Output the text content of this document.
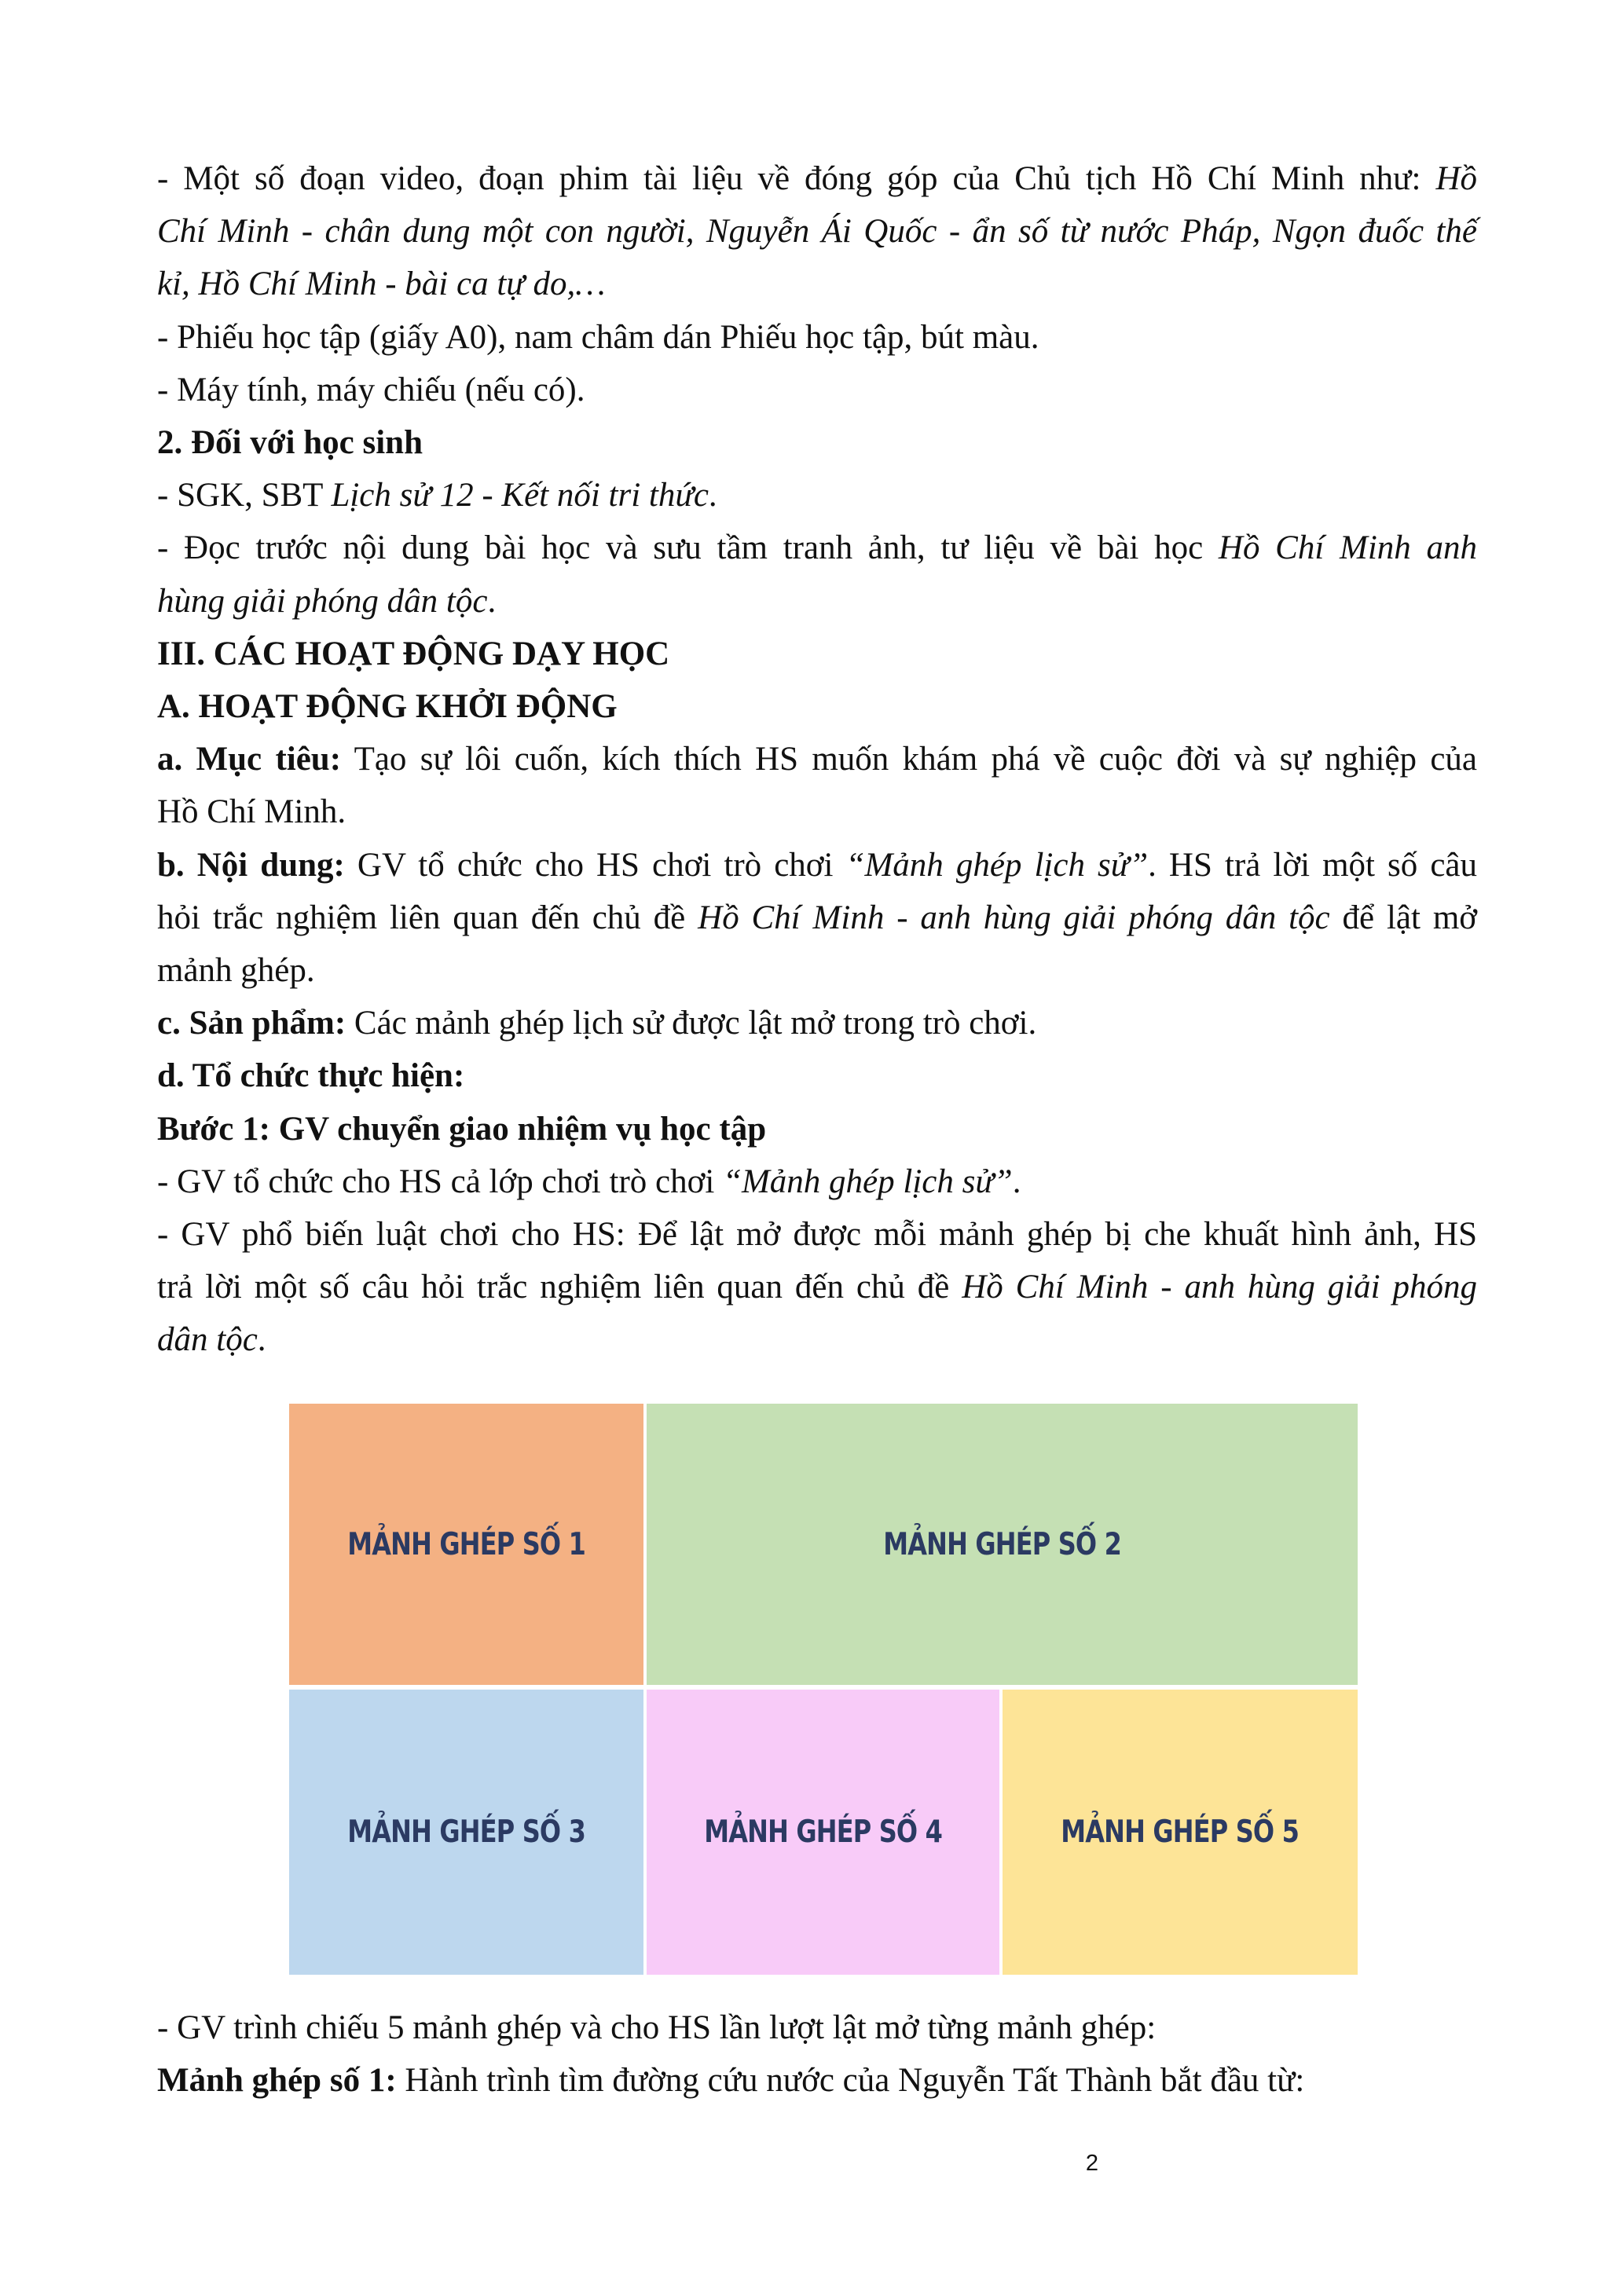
- Một số đoạn video, đoạn phim tài liệu về đóng góp của Chủ tịch Hồ Chí Minh như: Hồ

Chí Minh - chân dung một con người, Nguyễn Ái Quốc - ẩn số từ nước Pháp, Ngọn đuốc thế

kỉ, Hồ Chí Minh - bài ca tự do,…

- Phiếu học tập (giấy A0), nam châm dán Phiếu học tập, bút màu.

- Máy tính, máy chiếu (nếu có).

2. Đối với học sinh

- SGK, SBT Lịch sử 12 - Kết nối tri thức.

- Đọc trước nội dung bài học và sưu tầm tranh ảnh, tư liệu về bài học Hồ Chí Minh anh

hùng giải phóng dân tộc.

III. CÁC HOẠT ĐỘNG DẠY HỌC

A. HOẠT ĐỘNG KHỞI ĐỘNG

a. Mục tiêu: Tạo sự lôi cuốn, kích thích HS muốn khám phá về cuộc đời và sự nghiệp của

Hồ Chí Minh.

b. Nội dung: GV tổ chức cho HS chơi trò chơi “Mảnh ghép lịch sử”. HS trả lời một số câu

hỏi trắc nghiệm liên quan đến chủ đề Hồ Chí Minh - anh hùng giải phóng dân tộc để lật mở

mảnh ghép.

c. Sản phẩm: Các mảnh ghép lịch sử được lật mở trong trò chơi.

d. Tổ chức thực hiện:

Bước 1: GV chuyển giao nhiệm vụ học tập

- GV tổ chức cho HS cả lớp chơi trò chơi “Mảnh ghép lịch sử”.

- GV phổ biến luật chơi cho HS: Để lật mở được mỗi mảnh ghép bị che khuất hình ảnh, HS

trả lời một số câu hỏi trắc nghiệm liên quan đến chủ đề Hồ Chí Minh - anh hùng giải phóng

dân tộc.

MẢNH GHÉP SỐ 1	MẢNH GHÉP SỐ 2
MẢNH GHÉP SỐ 3	MẢNH GHÉP SỐ 4	MẢNH GHÉP SỐ 5

- GV trình chiếu 5 mảnh ghép và cho HS lần lượt lật mở từng mảnh ghép:

Mảnh ghép số 1: Hành trình tìm đường cứu nước của Nguyễn Tất Thành bắt đầu từ:

2
